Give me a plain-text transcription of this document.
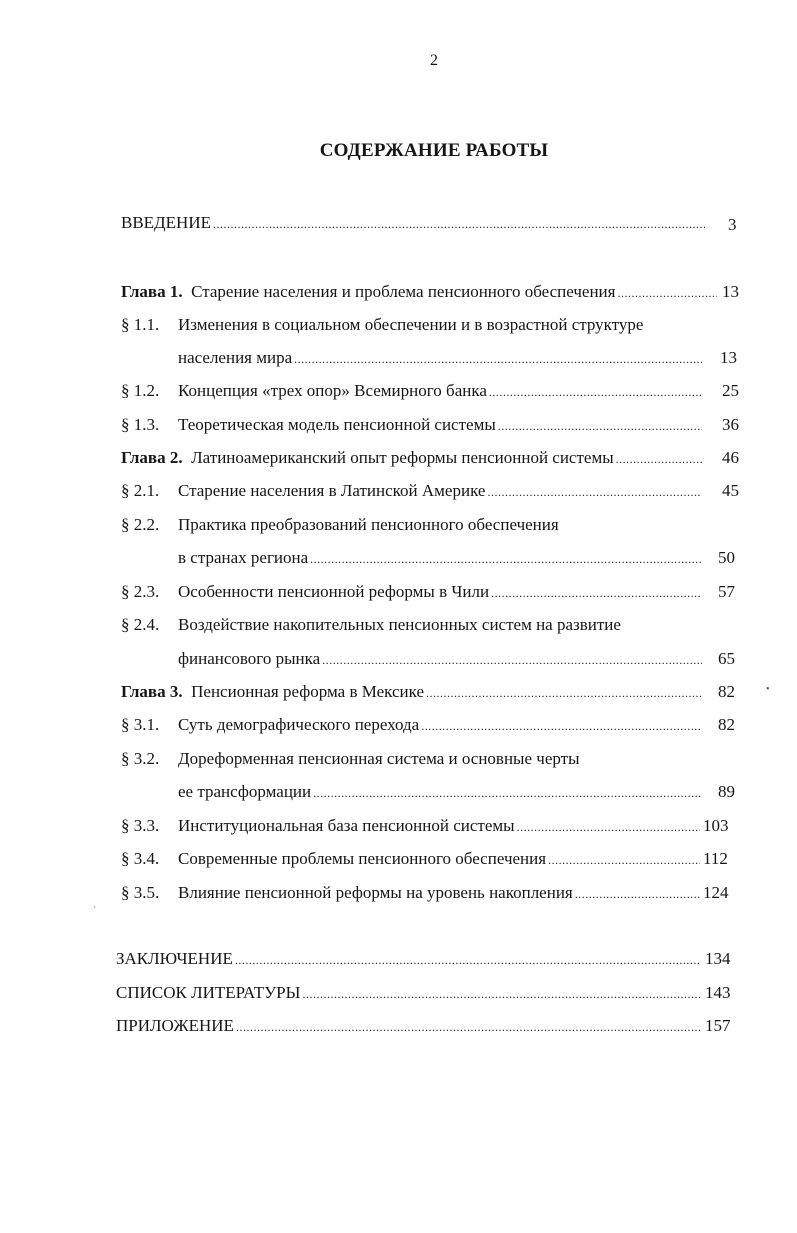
2
СОДЕРЖАНИЕ РАБОТЫ
ВВЕДЕНИЕ .....	3
Глава 1. Старение населения и проблема пенсионного обеспечения .....	13
§ 1.1. Изменения в социальном обеспечении и в возрастной структуре
населения мира .....	13
§ 1.2. Концепция «трех опор» Всемирного банка .....	25
§ 1.3. Теоретическая модель пенсионной системы .....	36
Глава 2. Латиноамериканский опыт реформы пенсионной системы .....	46
§ 2.1. Старение населения в Латинской Америке .....	45
§ 2.2. Практика преобразований пенсионного обеспечения
в странах региона .....	50
§ 2.3. Особенности пенсионной реформы в Чили .....	57
§ 2.4. Воздействие накопительных пенсионных систем на развитие
финансового рынка .....	65
Глава 3. Пенсионная реформа в Мексике .....	82	•
§ 3.1. Суть демографического перехода .....	82
§ 3.2. Дореформенная пенсионная система и основные черты
ее трансформации .....	89
§ 3.3. Институциональная база пенсионной системы .....	103
§ 3.4. Современные проблемы пенсионного обеспечения .....	112
§ 3.5. Влияние пенсионной реформы на уровень накопления .....	124
`
ЗАКЛЮЧЕНИЕ .....	134
СПИСОК ЛИТЕРАТУРЫ .....	143
ПРИЛОЖЕНИЕ .....	157
